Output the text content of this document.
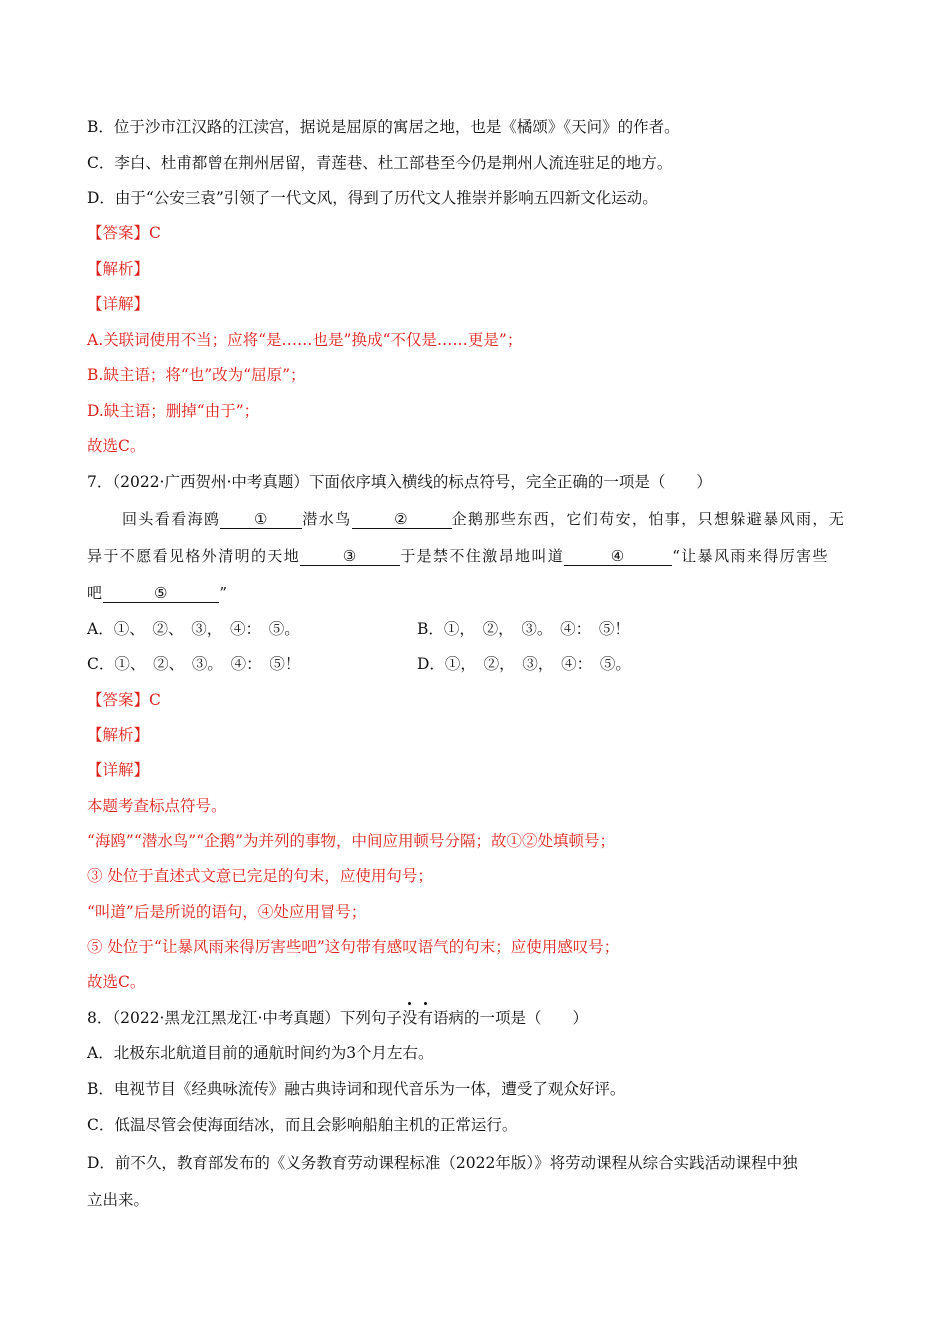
B．位于沙市江汉路的江渎宫，据说是屈原的寓居之地，也是《橘颂》《天问》的作者。
C．李白、杜甫都曾在荆州居留，青莲巷、杜工部巷至今仍是荆州人流连驻足的地方。
D．由于“公安三袁”引领了一代文风，得到了历代文人推崇并影响五四新文化运动。
【答案】C
【解析】
【详解】
A.关联词使用不当；应将“是……也是”换成“不仅是……更是”；
B.缺主语；将“也”改为“屈原”；
D.缺主语；删掉“由于”；
故选C。
7．（2022·广西贺州·中考真题）下面依序填入横线的标点符号，完全正确的一项是（　　）
回头看看海鸥 ① 潜水鸟	②	企鹅那些东西，它们苟安，怕事，只想躲避暴风雨，无
异于不愿看见格外清明的天地	③	于是禁不住激昂地叫道	④	“让暴风雨来得厉害些
吧	⑤	”
A．①、　②、　③，　④：　⑤。	B．①，　②，　③。　④：　⑤！
C．①、　②、　③。　④：　⑤！	D．①，　②，　③，　④：　⑤。
【答案】C
【解析】
【详解】
本题考查标点符号。
“海鸥”“潜水鸟”“企鹅”为并列的事物，中间应用顿号分隔；故①②处填顿号；
③ 处位于直述式文意已完足的句末，应使用句号；
“叫道”后是所说的语句，④处应用冒号；
⑤ 处位于“让暴风雨来得厉害些吧”这句带有感叹语气的句末；应使用感叹号；
故选C。
8．（2022·黑龙江黑龙江·中考真题）下列句子没有语病的一项是（　　）
A．北极东北航道目前的通航时间约为3个月左右。
B．电视节目《经典咏流传》融古典诗词和现代音乐为一体，遭受了观众好评。
C．低温尽管会使海面结冰，而且会影响船舶主机的正常运行。
D．前不久，教育部发布的《义务教育劳动课程标准（2022年版）》将劳动课程从综合实践活动课程中独
立出来。
